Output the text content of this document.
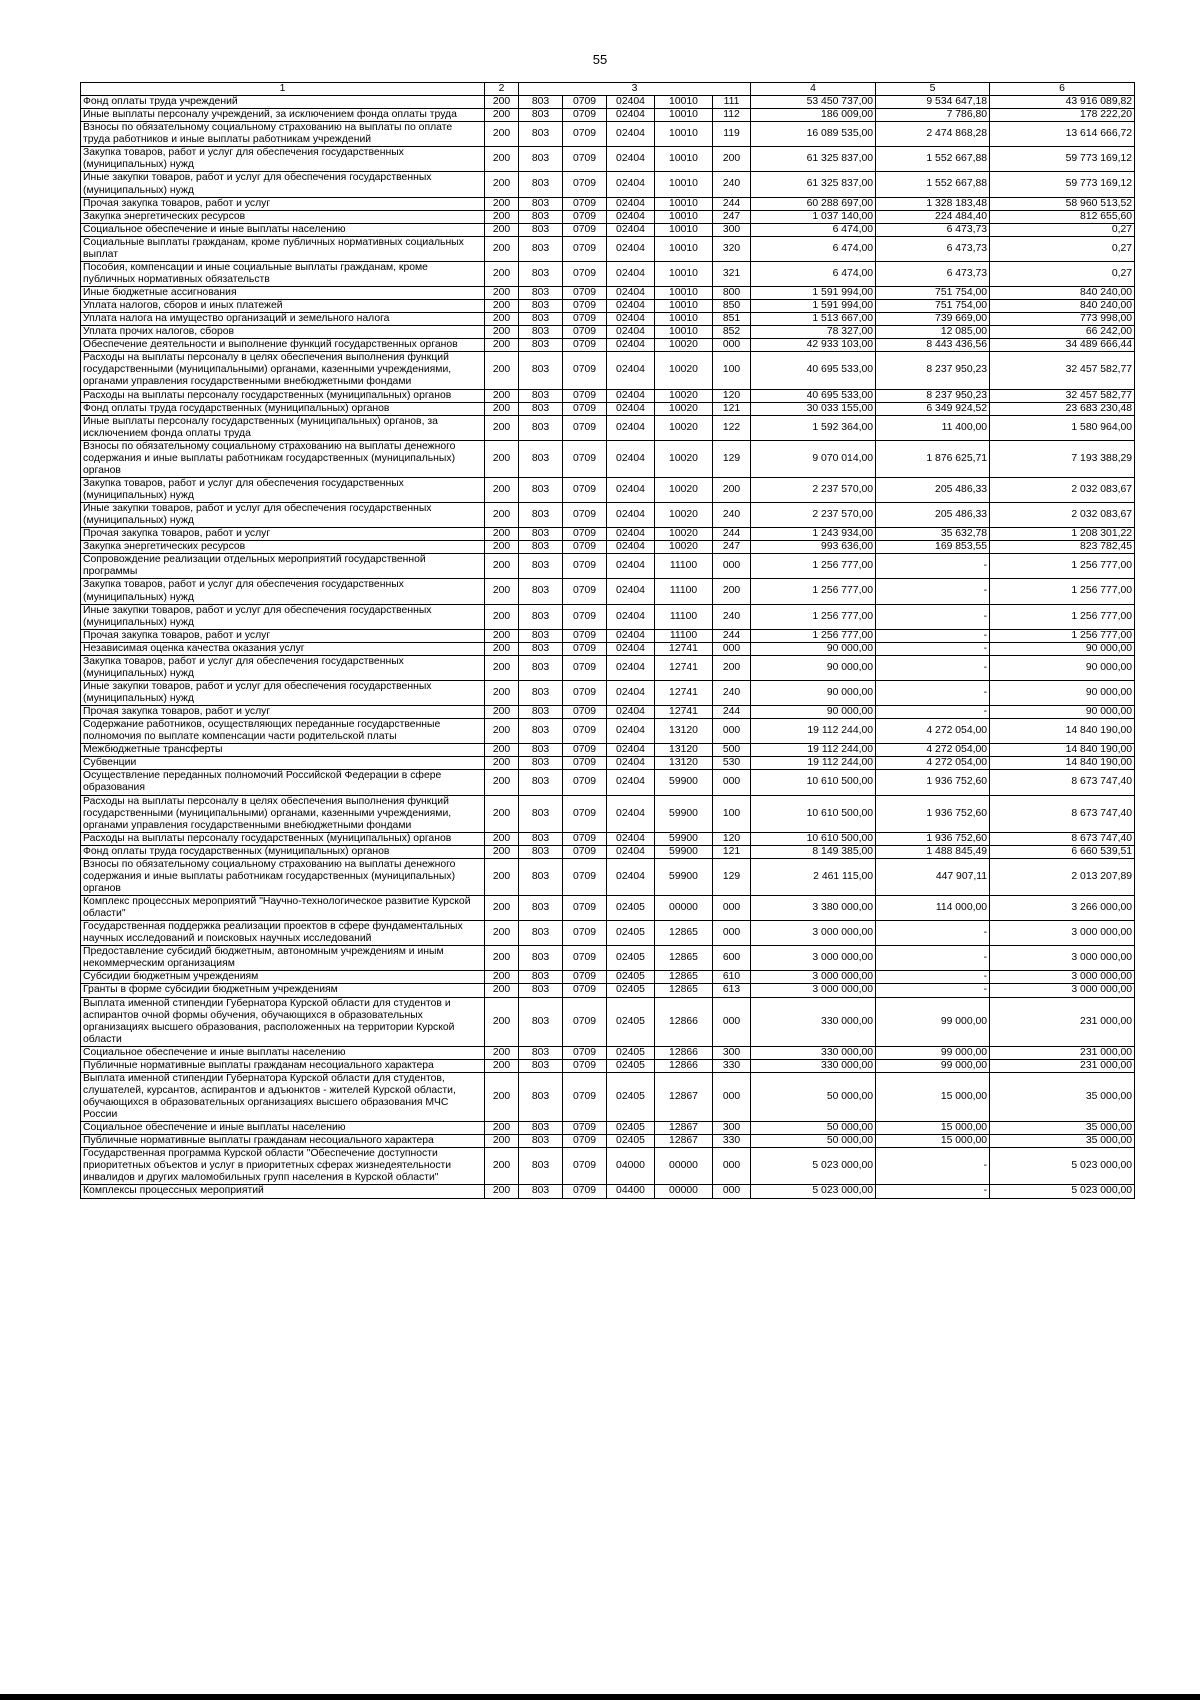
55
1	2	3					4	5	6
Фонд оплаты труда учреждений	200	803	0709	02404	10010	111	53 450 737,00	9 534 647,18	43 916 089,82
Иные выплаты персоналу учреждений, за исключением фонда оплаты труда	200	803	0709	02404	10010	112	186 009,00	7 786,80	178 222,20
Взносы по обязательному социальному страхованию на выплаты по оплате труда работников и иные выплаты работникам учреждений	200	803	0709	02404	10010	119	16 089 535,00	2 474 868,28	13 614 666,72
Закупка товаров, работ и услуг для обеспечения государственных (муниципальных) нужд	200	803	0709	02404	10010	200	61 325 837,00	1 552 667,88	59 773 169,12
Иные закупки товаров, работ и услуг для обеспечения государственных (муниципальных) нужд	200	803	0709	02404	10010	240	61 325 837,00	1 552 667,88	59 773 169,12
Прочая закупка товаров, работ и услуг	200	803	0709	02404	10010	244	60 288 697,00	1 328 183,48	58 960 513,52
Закупка энергетических ресурсов	200	803	0709	02404	10010	247	1 037 140,00	224 484,40	812 655,60
Социальное обеспечение и иные выплаты населению	200	803	0709	02404	10010	300	6 474,00	6 473,73	0,27
Социальные выплаты гражданам, кроме публичных нормативных социальных выплат	200	803	0709	02404	10010	320	6 474,00	6 473,73	0,27
Пособия, компенсации и иные социальные выплаты гражданам, кроме публичных нормативных обязательств	200	803	0709	02404	10010	321	6 474,00	6 473,73	0,27
Иные бюджетные ассигнования	200	803	0709	02404	10010	800	1 591 994,00	751 754,00	840 240,00
Уплата налогов, сборов и иных платежей	200	803	0709	02404	10010	850	1 591 994,00	751 754,00	840 240,00
Уплата налога на имущество организаций и земельного налога	200	803	0709	02404	10010	851	1 513 667,00	739 669,00	773 998,00
Уплата прочих налогов, сборов	200	803	0709	02404	10010	852	78 327,00	12 085,00	66 242,00
Обеспечение деятельности и выполнение функций государственных органов	200	803	0709	02404	10020	000	42 933 103,00	8 443 436,56	34 489 666,44
Расходы на выплаты персоналу в целях обеспечения выполнения функций государственными (муниципальными) органами, казенными учреждениями, органами управления государственными внебюджетными фондами	200	803	0709	02404	10020	100	40 695 533,00	8 237 950,23	32 457 582,77
Расходы на выплаты персоналу государственных (муниципальных) органов	200	803	0709	02404	10020	120	40 695 533,00	8 237 950,23	32 457 582,77
Фонд оплаты труда государственных (муниципальных) органов	200	803	0709	02404	10020	121	30 033 155,00	6 349 924,52	23 683 230,48
Иные выплаты персоналу государственных (муниципальных) органов, за исключением фонда оплаты труда	200	803	0709	02404	10020	122	1 592 364,00	11 400,00	1 580 964,00
Взносы по обязательному социальному страхованию на выплаты денежного содержания и иные выплаты работникам государственных (муниципальных) органов	200	803	0709	02404	10020	129	9 070 014,00	1 876 625,71	7 193 388,29
Закупка товаров, работ и услуг для обеспечения государственных (муниципальных) нужд	200	803	0709	02404	10020	200	2 237 570,00	205 486,33	2 032 083,67
Иные закупки товаров, работ и услуг для обеспечения государственных (муниципальных) нужд	200	803	0709	02404	10020	240	2 237 570,00	205 486,33	2 032 083,67
Прочая закупка товаров, работ и услуг	200	803	0709	02404	10020	244	1 243 934,00	35 632,78	1 208 301,22
Закупка энергетических ресурсов	200	803	0709	02404	10020	247	993 636,00	169 853,55	823 782,45
Сопровождение реализации отдельных мероприятий государственной программы	200	803	0709	02404	11100	000	1 256 777,00	-	1 256 777,00
Закупка товаров, работ и услуг для обеспечения государственных (муниципальных) нужд	200	803	0709	02404	11100	200	1 256 777,00	-	1 256 777,00
Иные закупки товаров, работ и услуг для обеспечения государственных (муниципальных) нужд	200	803	0709	02404	11100	240	1 256 777,00	-	1 256 777,00
Прочая закупка товаров, работ и услуг	200	803	0709	02404	11100	244	1 256 777,00	-	1 256 777,00
Независимая оценка качества оказания услуг	200	803	0709	02404	12741	000	90 000,00	-	90 000,00
Закупка товаров, работ и услуг для обеспечения государственных (муниципальных) нужд	200	803	0709	02404	12741	200	90 000,00	-	90 000,00
Иные закупки товаров, работ и услуг для обеспечения государственных (муниципальных) нужд	200	803	0709	02404	12741	240	90 000,00	-	90 000,00
Прочая закупка товаров, работ и услуг	200	803	0709	02404	12741	244	90 000,00	-	90 000,00
Содержание работников, осуществляющих переданные государственные полномочия по выплате компенсации части родительской платы	200	803	0709	02404	13120	000	19 112 244,00	4 272 054,00	14 840 190,00
Межбюджетные трансферты	200	803	0709	02404	13120	500	19 112 244,00	4 272 054,00	14 840 190,00
Субвенции	200	803	0709	02404	13120	530	19 112 244,00	4 272 054,00	14 840 190,00
Осуществление переданных полномочий Российской Федерации в сфере образования	200	803	0709	02404	59900	000	10 610 500,00	1 936 752,60	8 673 747,40
Расходы на выплаты персоналу в целях обеспечения выполнения функций государственными (муниципальными) органами, казенными учреждениями, органами управления государственными внебюджетными фондами	200	803	0709	02404	59900	100	10 610 500,00	1 936 752,60	8 673 747,40
Расходы на выплаты персоналу государственных (муниципальных) органов	200	803	0709	02404	59900	120	10 610 500,00	1 936 752,60	8 673 747,40
Фонд оплаты труда государственных (муниципальных) органов	200	803	0709	02404	59900	121	8 149 385,00	1 488 845,49	6 660 539,51
Взносы по обязательному социальному страхованию на выплаты денежного содержания и иные выплаты работникам государственных (муниципальных) органов	200	803	0709	02404	59900	129	2 461 115,00	447 907,11	2 013 207,89
Комплекс процессных мероприятий "Научно-технологическое развитие Курской области"	200	803	0709	02405	00000	000	3 380 000,00	114 000,00	3 266 000,00
Государственная поддержка реализации проектов в сфере фундаментальных научных исследований и поисковых научных исследований	200	803	0709	02405	12865	000	3 000 000,00	-	3 000 000,00
Предоставление субсидий бюджетным, автономным учреждениям и иным некоммерческим организациям	200	803	0709	02405	12865	600	3 000 000,00	-	3 000 000,00
Субсидии бюджетным учреждениям	200	803	0709	02405	12865	610	3 000 000,00	-	3 000 000,00
Гранты в форме субсидии бюджетным учреждениям	200	803	0709	02405	12865	613	3 000 000,00	-	3 000 000,00
Выплата именной стипендии Губернатора Курской области для студентов и аспирантов очной формы обучения, обучающихся в образовательных организациях высшего образования, расположенных на территории Курской области	200	803	0709	02405	12866	000	330 000,00	99 000,00	231 000,00
Социальное обеспечение и иные выплаты населению	200	803	0709	02405	12866	300	330 000,00	99 000,00	231 000,00
Публичные нормативные выплаты гражданам несоциального характера	200	803	0709	02405	12866	330	330 000,00	99 000,00	231 000,00
Выплата именной стипендии Губернатора Курской области для студентов, слушателей, курсантов, аспирантов и адъюнктов - жителей Курской области, обучающихся в образовательных организациях высшего образования МЧС России	200	803	0709	02405	12867	000	50 000,00	15 000,00	35 000,00
Социальное обеспечение и иные выплаты населению	200	803	0709	02405	12867	300	50 000,00	15 000,00	35 000,00
Публичные нормативные выплаты гражданам несоциального характера	200	803	0709	02405	12867	330	50 000,00	15 000,00	35 000,00
Государственная программа Курской области "Обеспечение доступности приоритетных объектов и услуг в приоритетных сферах жизнедеятельности инвалидов и других маломобильных групп населения в Курской области"	200	803	0709	04000	00000	000	5 023 000,00	-	5 023 000,00
Комплексы процессных мероприятий	200	803	0709	04400	00000	000	5 023 000,00	-	5 023 000,00
